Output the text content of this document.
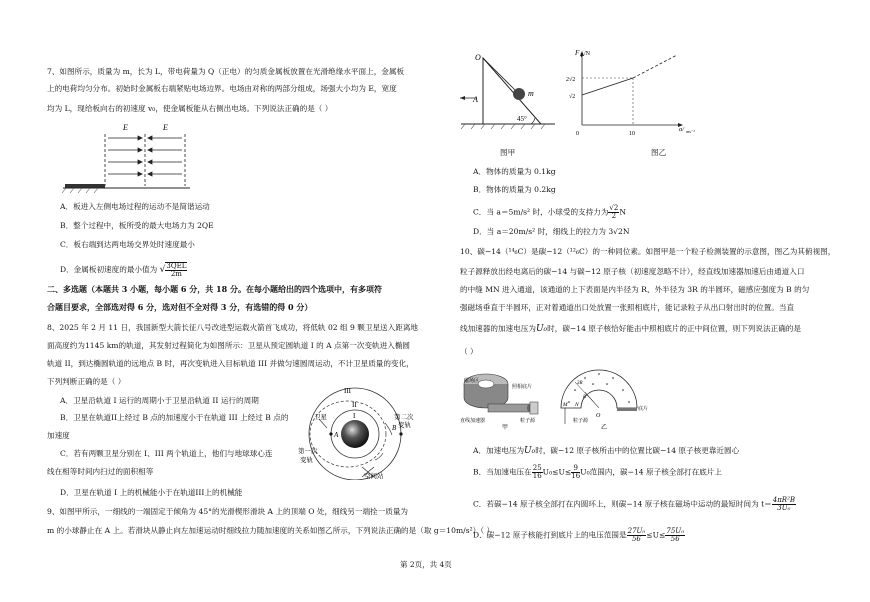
7、如图所示，质量为 m，长为 L，带电荷量为 Q（正电）的匀质金属板放置在光滑绝缘水平面上，金属板
上的电荷均匀分布。初始时金属板右端紧贴电场边界。电场由对称的两部分组成，场强大小均为 E，宽度
均为 L，现给板向右的初速度 v₀，使金属板能从右侧出电场。下列说法正确的是（ ）
E	E
A．板进入左侧电场过程的运动不是简谐运动
B．整个过程中，板所受的最大电场力为 2QE
C．板右端到达两电场交界处时速度最小
D．金属板初速度的最小值为 √ $\frac{\text{3QEL}}{2m}$
二、多选题（本题共 3 小题，每小题 6 分，共 18 分。在每小题给出的四个选项中，有多项符
合题目要求，全部选对得 6 分，选对但不全对得 3 分，有选错的得 0 分）
8、2025 年 2 月 11 日，我国新型大箭长征八号改进型运载火箭首飞成功，将低轨 02 组 9 颗卫星送入距离地
面高度约为1145 km的轨道，其发射过程简化为如图所示：卫星从预定圆轨道 I 的 A 点第一次变轨进入椭圆
轨道 II，到达椭圆轨道的远地点 B 时，再次变轨进入目标轨道 III 并做匀速圆周运动，不计卫星质量的变化，
下列判断正确的是（ ）
A．卫星沿轨道 I 运行的周期小于卫星沿轨道 II 运行的周期
B．卫星在轨道II上经过 B 点的加速度小于在轨道 III 上经过 B 点的
加速度
C．若有两颗卫星分别在 I、III 两个轨道上，他们与地球球心连
线在相等时间内扫过的面积相等
D．卫星在轨道 I 上的机械能小于在轨道III上的机械能
III
II
I
A
B
卫星	第二次
变轨
第一次
变轨
空间站
9、如图甲所示，一细线的一端固定于倾角为 45°的光滑楔形滑块 A 上的顶端 O 处，细线另一端拴一质量为
m 的小球静止在 A 上。若滑块从静止向左加速运动时细线拉力随加速度的关系如图乙所示，下列说法正确的是（取 g＝10m/s²）（ ）
O
A
m
45°
F T /N
2√2
√2
0	10
a/ ms⁻²
图甲	图乙
A．物体的质量为 0.1kg
B．物体的质量为 0.2kg
C．当 a＝5m/s² 时，小球受的支持力为 $\frac{√2}{2}$ N
D．当 a＝20m/s² 时，细线上的拉力为 3√2N
10、碳−14（¹⁴₆C）是碳−12（¹²₆C）的一种同位素。如图甲是一个粒子检测装置的示意图，图乙为其俯视图，
粒子源释放出经电离后的碳−14 与碳−12 原子核（初速度忽略不计），经直线加速器加速后由通道入口
的中缝 MN 进入通道，该通道的上下表面是内半径为 R、外半径为 3R 的半圆环，磁感应强度为 B 的匀
强磁场垂直于半圆环，正对着通道出口处放置一张照相底片，能记录粒子从出口射出时的位置。当直
线加速器的加速电压为U₀时，碳−14 原子核恰好能击中照相底片的正中间位置，则下列说法正确的是
（ ）
磁场区
照相底片
直线加速器	粒子源
甲
O
M N
R
3R
底片
粒子源
乙
A．加速电压为U₀时，碳−12 原子核所击中的位置比碳−14 原子核更靠近圆心
B．当加速电压在 $\frac{25}{16} U_0\le U\le \frac{9}{16} U_0$范围内，碳−14 原子核全部打在底片上
C．若碳−14 原子核全部打在内圆环上，则碳−14 原子核在磁场中运动的最短时间为 $t= \frac{\text{4πR²B}}{\text{3U₀}}$
D．碳−12 原子核能打到底片上的电压范围是 $\frac{\text{27U₀}}{56} \le U\le \frac{\text{75U₀}}{56}$
第 2页，共 4页
